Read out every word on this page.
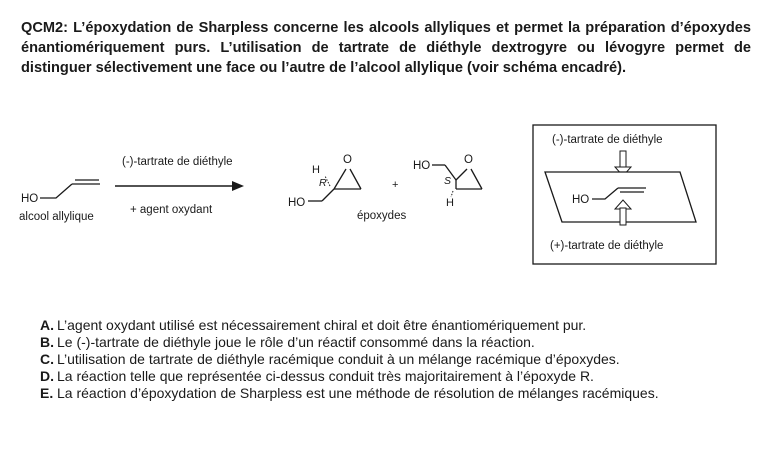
QCM2: L’époxydation de Sharpless concerne les alcools allyliques et permet la préparation d’époxydes énantiomériquement purs. L’utilisation de tartrate de diéthyle dextrogyre ou lévogyre permet de distinguer sélectivement une face ou l’autre de l’alcool allylique (voir schéma encadré).

HO
alcool allylique
(-)-tartrate de diéthyle
+ agent oxydant
H
R
O
HO
+
HO	O
S
H
époxydes
(-)-tartrate de diéthyle
HO
(+)-tartrate de diéthyle
A. L’agent oxydant utilisé est nécessairement chiral et doit être énantiomériquement pur.
B. Le (-)-tartrate de diéthyle joue le rôle d’un réactif consommé dans la réaction.
C. L’utilisation de tartrate de diéthyle racémique conduit à un mélange racémique d’époxydes.
D. La réaction telle que représentée ci-dessus conduit très majoritairement à l’époxyde R.
E. La réaction d’époxydation de Sharpless est une méthode de résolution de mélanges racémiques.
